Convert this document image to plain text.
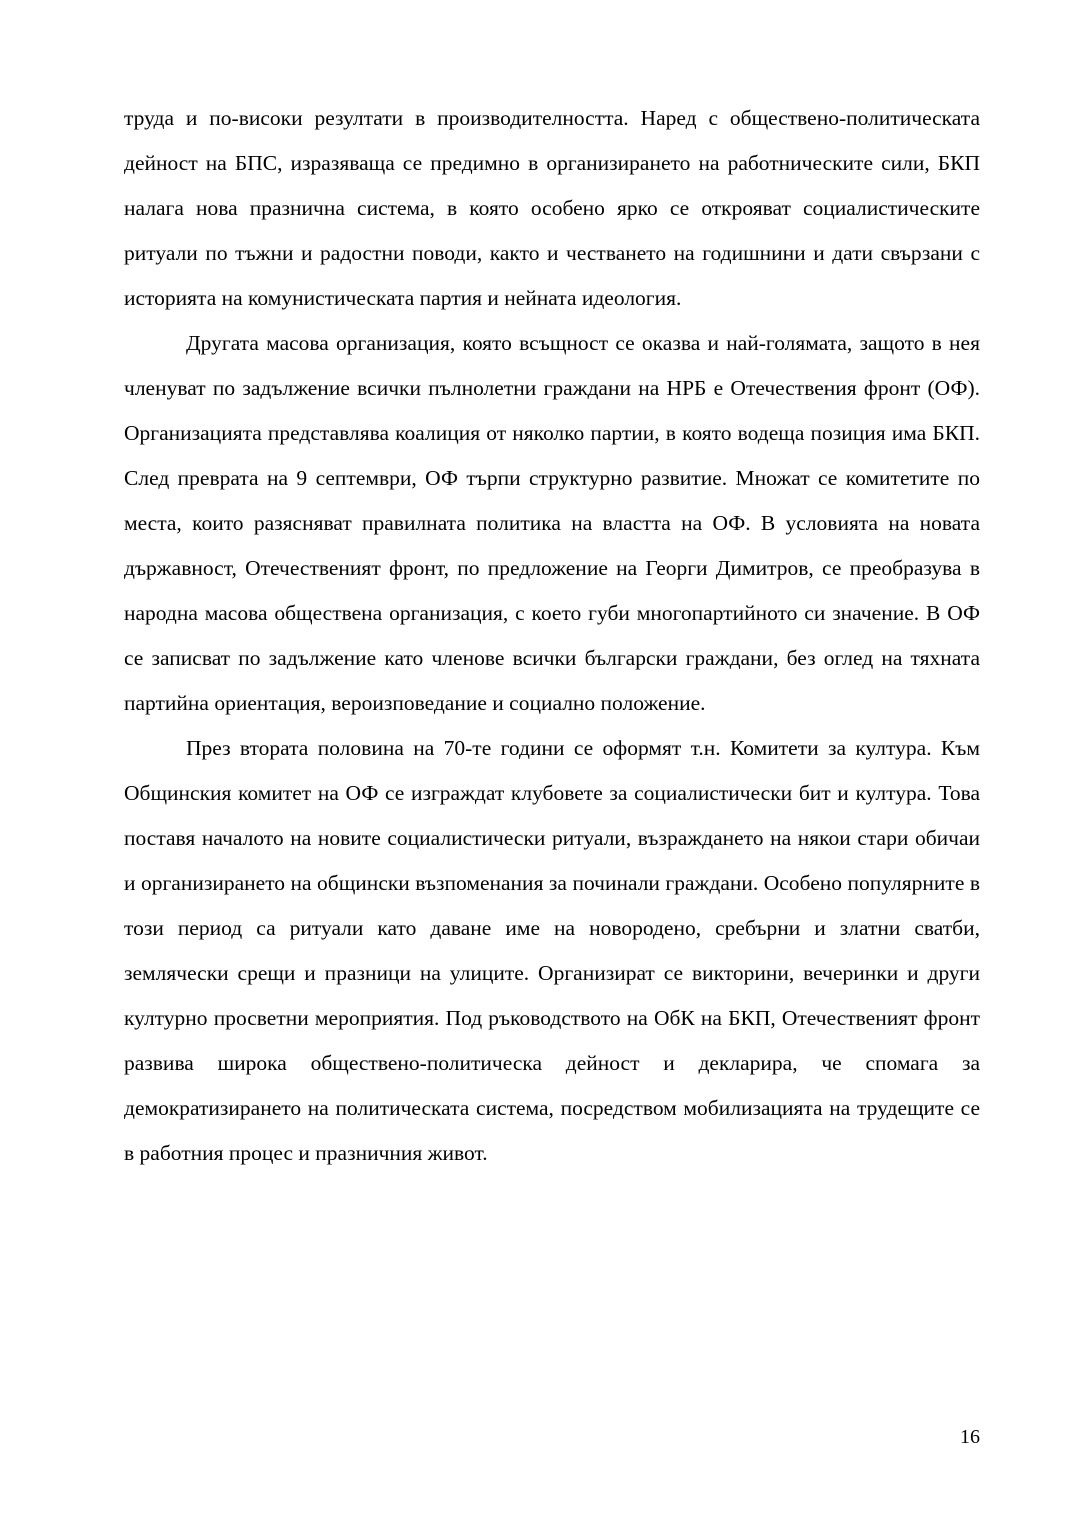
труда и по-високи резултати в производителността. Наред с обществено-политическата дейност на БПС, изразяваща се предимно в организирането на работническите сили, БКП налага нова празнична система, в която особено ярко се открояват социалистическите ритуали по тъжни и радостни поводи, както и честването на годишнини и дати свързани с историята на комунистическата партия и нейната идеология.

Другата масова организация, която всъщност се оказва и най-голямата, защото в нея членуват по задължение всички пълнолетни граждани на НРБ е Отечествения фронт (ОФ). Организацията представлява коалиция от няколко партии, в която водеща позиция има БКП. След преврата на 9 септември, ОФ търпи структурно развитие. Множат се комитетите по места, които разясняват правилната политика на властта на ОФ. В условията на новата държавност, Отечественият фронт, по предложение на Георги Димитров, се преобразува в народна масова обществена организация, с което губи многопартийното си значение. В ОФ се записват по задължение като членове всички български граждани, без оглед на тяхната партийна ориентация, вероизповедание и социално положение.

През втората половина на 70-те години се оформят т.н. Комитети за култура. Към Общинския комитет на ОФ се изграждат клубовете за социалистически бит и култура. Това поставя началото на новите социалистически ритуали, възраждането на някои стари обичаи и организирането на общински възпоменания за починали граждани. Особено популярните в този период са ритуали като даване име на новородено, сребърни и златни сватби, землячески срещи и празници на улиците. Организират се викторини, вечеринки и други културно просветни мероприятия. Под ръководството на ОбК на БКП, Отечественият фронт развива широка обществено-политическа дейност и декларира, че спомага за демократизирането на политическата система, посредством мобилизацията на трудещите се в работния процес и празничния живот.

16
